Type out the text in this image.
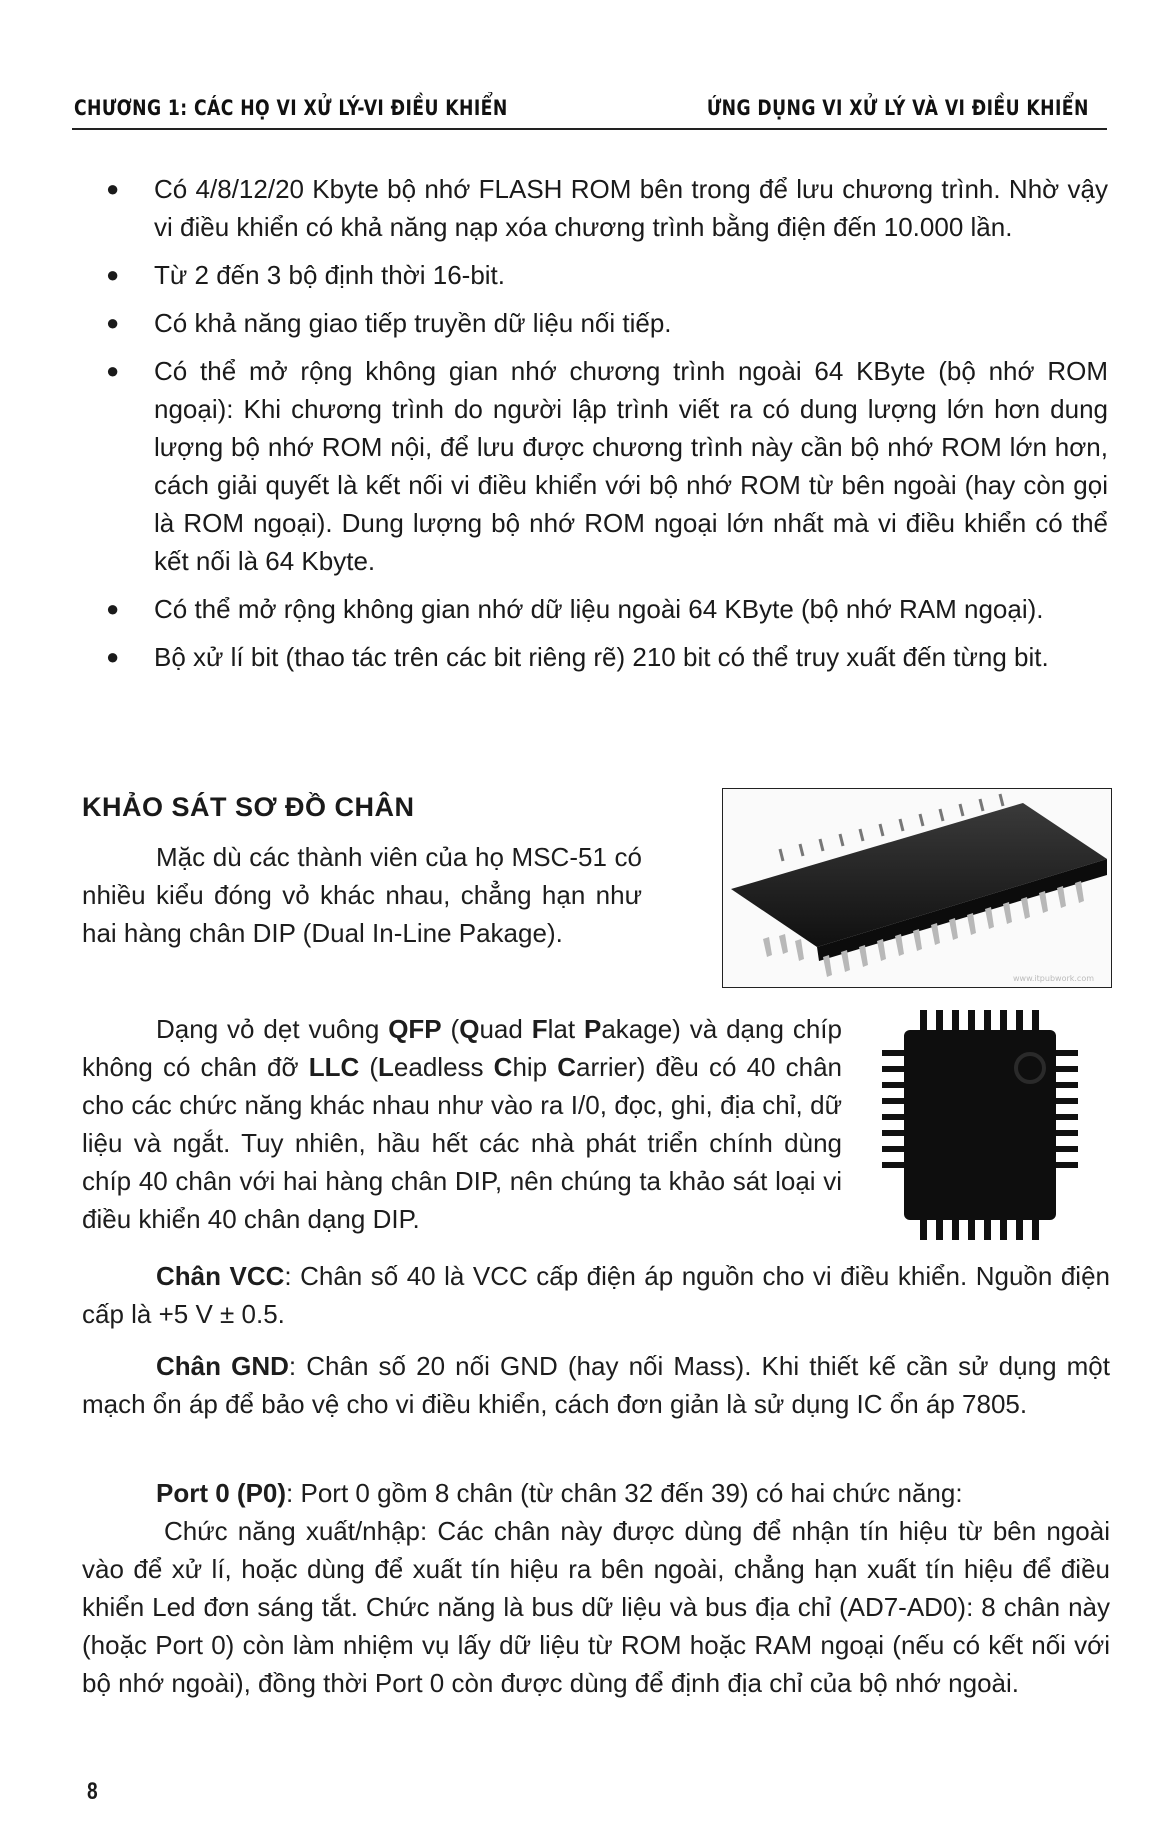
CHƯƠNG 1: CÁC HỌ VI XỬ LÝ-VI ĐIỀU KHIỂN	ỨNG DỤNG VI XỬ LÝ VÀ VI ĐIỀU KHIỂN
● Có 4/8/12/20 Kbyte bộ nhớ FLASH ROM bên trong để lưu chương trình. Nhờ vậy vi điều khiển có khả năng nạp xóa chương trình bằng điện đến 10.000 lần.
● Từ 2 đến 3 bộ định thời 16-bit.
● Có khả năng giao tiếp truyền dữ liệu nối tiếp.
● Có thể mở rộng không gian nhớ chương trình ngoài 64 KByte (bộ nhớ ROM ngoại): Khi chương trình do người lập trình viết ra có dung lượng lớn hơn dung lượng bộ nhớ ROM nội, để lưu được chương trình này cần bộ nhớ ROM lớn hơn, cách giải quyết là kết nối vi điều khiển với bộ nhớ ROM từ bên ngoài (hay còn gọi là ROM ngoại). Dung lượng bộ nhớ ROM ngoại lớn nhất mà vi điều khiển có thể kết nối là 64 Kbyte.
● Có thể mở rộng không gian nhớ dữ liệu ngoài 64 KByte (bộ nhớ RAM ngoại).
● Bộ xử lí bit (thao tác trên các bit riêng rẽ) 210 bit có thể truy xuất đến từng bit.
KHẢO SÁT SƠ ĐỒ CHÂN
Mặc dù các thành viên của họ MSC-51 có nhiều kiểu đóng vỏ khác nhau, chẳng hạn như hai hàng chân DIP (Dual In-Line Pakage).
www.itpubwork.com
Dạng vỏ dẹt vuông QFP (Quad Flat Pakage) và dạng chíp không có chân đỡ LLC (Leadless Chip Carrier) đều có 40 chân cho các chức năng khác nhau như vào ra I/0, đọc, ghi, địa chỉ, dữ liệu và ngắt. Tuy nhiên, hầu hết các nhà phát triển chính dùng chíp 40 chân với hai hàng chân DIP, nên chúng ta khảo sát loại vi điều khiển 40 chân dạng DIP.
Chân VCC: Chân số 40 là VCC cấp điện áp nguồn cho vi điều khiển. Nguồn điện cấp là +5 V ± 0.5.
Chân GND: Chân số 20 nối GND (hay nối Mass). Khi thiết kế cần sử dụng một mạch ổn áp để bảo vệ cho vi điều khiển, cách đơn giản là sử dụng IC ổn áp 7805.
Port 0 (P0): Port 0 gồm 8 chân (từ chân 32 đến 39) có hai chức năng:
Chức năng xuất/nhập: Các chân này được dùng để nhận tín hiệu từ bên ngoài vào để xử lí, hoặc dùng để xuất tín hiệu ra bên ngoài, chẳng hạn xuất tín hiệu để điều khiển Led đơn sáng tắt. Chức năng là bus dữ liệu và bus địa chỉ (AD7-AD0): 8 chân này (hoặc Port 0) còn làm nhiệm vụ lấy dữ liệu từ ROM hoặc RAM ngoại (nếu có kết nối với bộ nhớ ngoài), đồng thời Port 0 còn được dùng để định địa chỉ của bộ nhớ ngoài.
8
